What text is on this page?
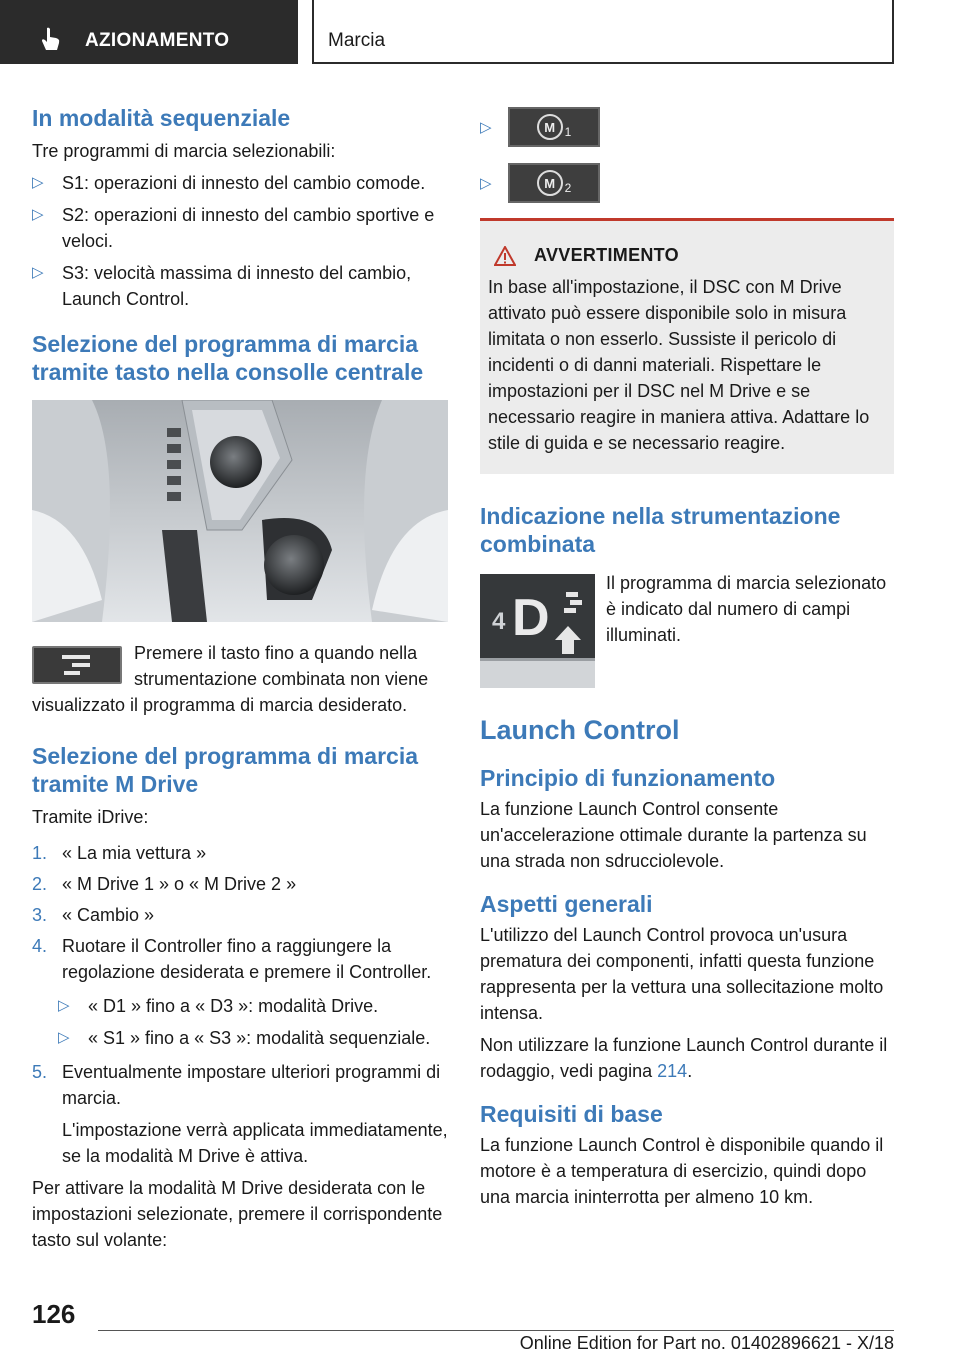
AZIONAMENTO	Marcia
In modalità sequenziale

Tre programmi di marcia selezionabili:

▷ S1: operazioni di innesto del cambio comode.
▷ S2: operazioni di innesto del cambio sportive e veloci.
▷ S3: velocità massima di innesto del cambio, Launch Control.
Selezione del programma di marcia tramite tasto nella consolle centrale

Premere il tasto fino a quando nella strumentazione combinata non viene visualizzato il programma di marcia desiderato.

Selezione del programma di marcia tramite M Drive

Tramite iDrive:

1. « La mia vettura »
2. « M Drive 1 » o « M Drive 2 »
3. « Cambio »
4. Ruotare il Controller fino a raggiungere la regolazione desiderata e premere il Controller.
▷ « D1 » fino a « D3 »: modalità Drive.
▷ « S1 » fino a « S3 »: modalità sequenziale.
5. Eventualmente impostare ulteriori programmi di marcia.

L'impostazione verrà applicata immediatamente, se la modalità M Drive è attiva.

Per attivare la modalità M Drive desiderata con le impostazioni selezionate, premere il corrispondente tasto sul volante:

▷	M 1
▷	M 2
AVVERTIMENTO

In base all'impostazione, il DSC con M Drive attivato può essere disponibile solo in misura limitata o non esserlo. Sussiste il pericolo di incidenti o di danni materiali. Rispettare le impostazioni per il DSC nel M Drive e se necessario reagire in maniera attiva. Adattare lo stile di guida e se necessario reagire.

Indicazione nella strumentazione combinata
4 D

Il programma di marcia selezionato è indicato dal numero di campi illuminati.

Launch Control
Principio di funzionamento

La funzione Launch Control consente un'accelerazione ottimale durante la partenza su una strada non sdrucciolevole.

Aspetti generali

L'utilizzo del Launch Control provoca un'usura prematura dei componenti, infatti questa funzione rappresenta per la vettura una sollecitazione molto intensa.

Non utilizzare la funzione Launch Control durante il rodaggio, vedi pagina 214.

Requisiti di base

La funzione Launch Control è disponibile quando il motore è a temperatura di esercizio, quindi dopo una marcia ininterrotta per almeno 10 km.

126
Online Edition for Part no. 01402896621 - X/18
